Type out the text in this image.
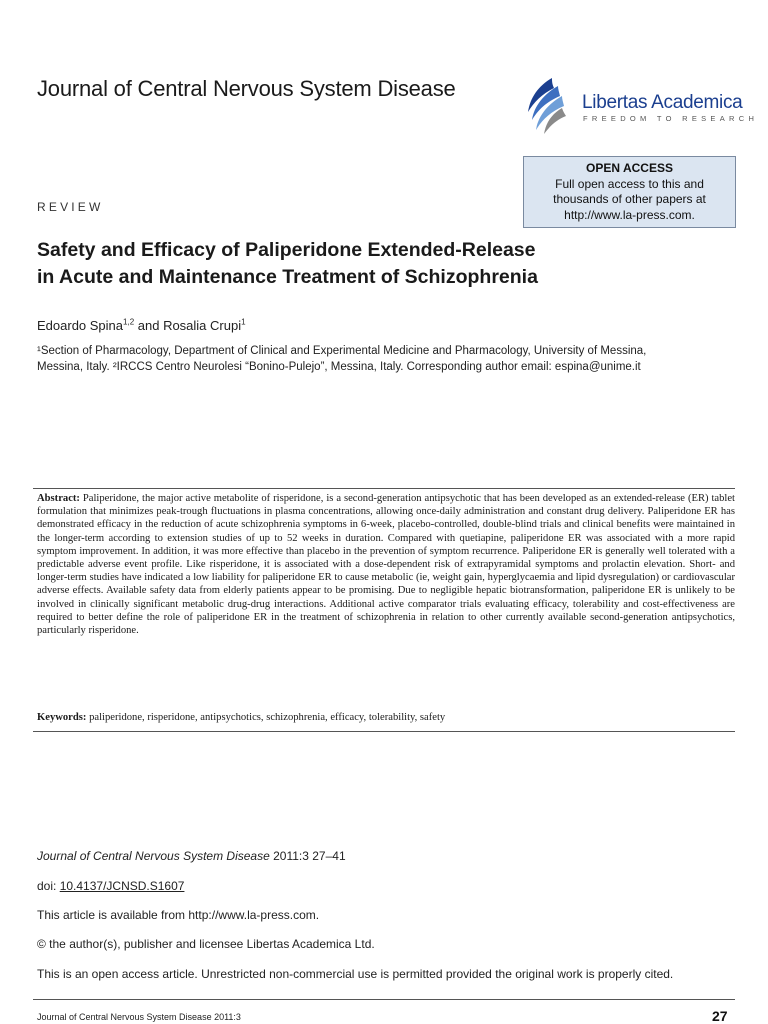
Journal of Central Nervous System Disease
Libertas Academica
FREEDOM TO RESEARCH
OPEN ACCESS
Full open access to this and
thousands of other papers at
http://www.la-press.com.
REVIEW
Safety and Efficacy of Paliperidone Extended-Release
in Acute and Maintenance Treatment of Schizophrenia
Edoardo Spina$^{1,2}$ and Rosalia Crupi$^1$
¹Section of Pharmacology, Department of Clinical and Experimental Medicine and Pharmacology, University of Messina,
Messina, Italy. ²IRCCS Centro Neurolesi “Bonino-Pulejo”, Messina, Italy. Corresponding author email: espina@unime.it
Abstract: Paliperidone, the major active metabolite of risperidone, is a second-generation antipsychotic that has been developed as an extended-release (ER) tablet formulation that minimizes peak-trough fluctuations in plasma concentrations, allowing once-daily administration and constant drug delivery. Paliperidone ER has demonstrated efficacy in the reduction of acute schizophrenia symptoms in 6-week, placebo-controlled, double-blind trials and clinical benefits were maintained in the longer-term according to extension studies of up to 52 weeks in duration. Compared with quetiapine, paliperidone ER was associated with a more rapid symptom improvement. In addition, it was more effective than placebo in the prevention of symptom recurrence. Paliperidone ER is generally well tolerated with a predictable adverse event profile. Like risperidone, it is associated with a dose-dependent risk of extrapyramidal symptoms and prolactin elevation. Short- and longer-term studies have indicated a low liability for paliperidone ER to cause metabolic (ie, weight gain, hyperglycaemia and lipid dysregulation) or cardiovascular adverse effects. Available safety data from elderly patients appear to be promising. Due to negligible hepatic biotransformation, paliperidone ER is unlikely to be involved in clinically significant metabolic drug-drug interactions. Additional active comparator trials evaluating efficacy, tolerability and cost-effectiveness are required to better define the role of paliperidone ER in the treatment of schizophrenia in relation to other currently available second-generation antipsychotics, particularly risperidone.
Keywords: paliperidone, risperidone, antipsychotics, schizophrenia, efficacy, tolerability, safety
Journal of Central Nervous System Disease 2011:3 27–41
doi: 10.4137/JCNSD.S1607
This article is available from http://www.la-press.com.
© the author(s), publisher and licensee Libertas Academica Ltd.
This is an open access article. Unrestricted non-commercial use is permitted provided the original work is properly cited.
Journal of Central Nervous System Disease 2011:3	27
